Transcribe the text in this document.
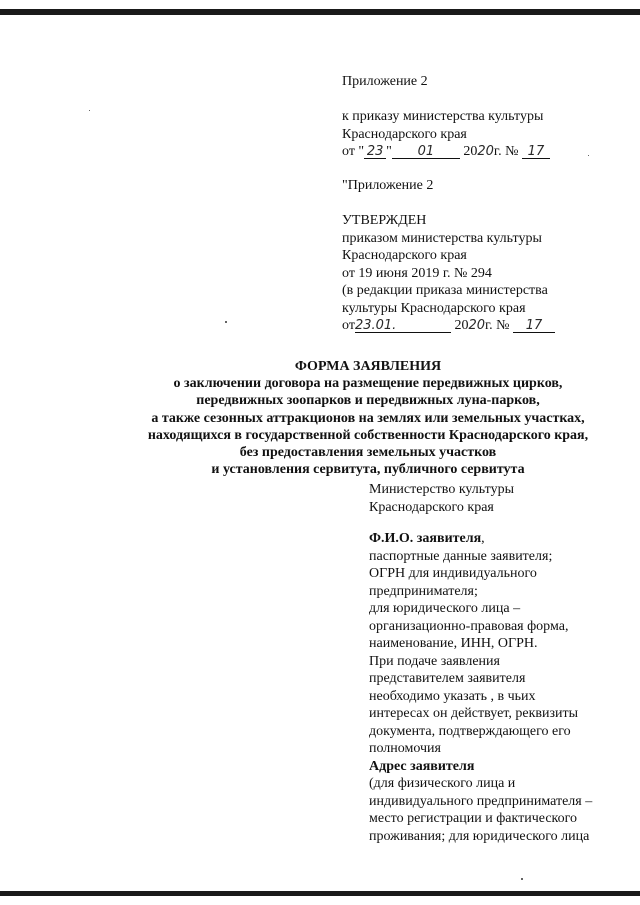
Приложение 2
к приказу министерства культуры
Краснодарского края
от " 23 " 01 2020г. № 17
"Приложение 2
УТВЕРЖДЕН
приказом министерства культуры
Краснодарского края
от 19 июня 2019 г. № 294
(в редакции приказа министерства
культуры Краснодарского края
от23.01.	2020г. № 17
ФОРМА ЗАЯВЛЕНИЯ
о заключении договора на размещение передвижных цирков,
передвижных зоопарков и передвижных луна-парков,
а также сезонных аттракционов на землях или земельных участках,
находящихся в государственной собственности Краснодарского края,
без предоставления земельных участков
и установления сервитута, публичного сервитута
Министерство культуры
Краснодарского края
Ф.И.О. заявителя,
паспортные данные заявителя;
ОГРН для индивидуального
предпринимателя;
для юридического лица –
организационно-правовая форма,
наименование, ИНН, ОГРН.
При подаче заявления
представителем заявителя
необходимо указать , в чьих
интересах он действует, реквизиты
документа, подтверждающего его
полномочия
Адрес заявителя
(для физического лица и
индивидуального предпринимателя –
место регистрации и фактического
проживания; для юридического лица
